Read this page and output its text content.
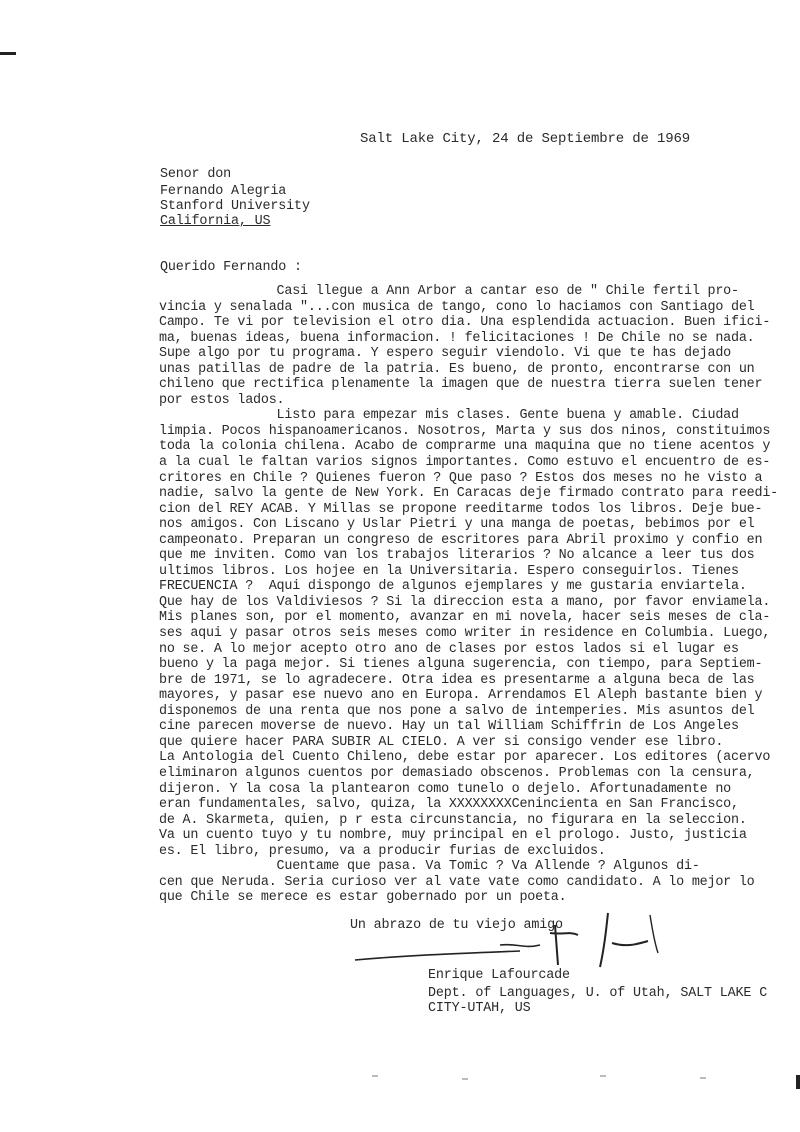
Salt Lake City, 24 de Septiembre de 1969
Senor don
Fernando Alegria
Stanford University
California, US
Querido Fernando :
Casi llegue a Ann Arbor a cantar eso de " Chile fertil pro-
vincia y senalada "...con musica de tango, cono lo haciamos con Santiago del
Campo. Te vi por television el otro dia. Una esplendida actuacion. Buen ifici-
ma, buenas ideas, buena informacion. ! felicitaciones ! De Chile no se nada.
Supe algo por tu programa. Y espero seguir viendolo. Vi que te has dejado
unas patillas de padre de la patria. Es bueno, de pronto, encontrarse con un
chileno que rectifica plenamente la imagen que de nuestra tierra suelen tener
por estos lados.
Listo para empezar mis clases. Gente buena y amable. Ciudad
limpia. Pocos hispanoamericanos. Nosotros, Marta y sus dos ninos, constituimos
toda la colonia chilena. Acabo de comprarme una maquina que no tiene acentos y
a la cual le faltan varios signos importantes. Como estuvo el encuentro de es-
critores en Chile ? Quienes fueron ? Que paso ? Estos dos meses no he visto a
nadie, salvo la gente de New York. En Caracas deje firmado contrato para reedi-
cion del REY ACAB. Y Millas se propone reeditarme todos los libros. Deje bue-
nos amigos. Con Liscano y Uslar Pietri y una manga de poetas, bebimos por el
campeonato. Preparan un congreso de escritores para Abril proximo y confio en
que me inviten. Como van los trabajos literarios ? No alcance a leer tus dos
ultimos libros. Los hojee en la Universitaria. Espero conseguirlos. Tienes
FRECUENCIA ?  Aqui dispongo de algunos ejemplares y me gustaria enviartela.
Que hay de los Valdiviesos ? Si la direccion esta a mano, por favor enviamela.
Mis planes son, por el momento, avanzar en mi novela, hacer seis meses de cla-
ses aqui y pasar otros seis meses como writer in residence en Columbia. Luego,
no se. A lo mejor acepto otro ano de clases por estos lados si el lugar es
bueno y la paga mejor. Si tienes alguna sugerencia, con tiempo, para Septiem-
bre de 1971, se lo agradecere. Otra idea es presentarme a alguna beca de las
mayores, y pasar ese nuevo ano en Europa. Arrendamos El Aleph bastante bien y
disponemos de una renta que nos pone a salvo de intemperies. Mis asuntos del
cine parecen moverse de nuevo. Hay un tal William Schiffrin de Los Angeles
que quiere hacer PARA SUBIR AL CIELO. A ver si consigo vender ese libro.
La Antologia del Cuento Chileno, debe estar por aparecer. Los editores (acervo
eliminaron algunos cuentos por demasiado obscenos. Problemas con la censura,
dijeron. Y la cosa la plantearon como tunelo o dejelo. Afortunadamente no
eran fundamentales, salvo, quiza, la XXXXXXXXCenincienta en San Francisco,
de A. Skarmeta, quien, p r esta circunstancia, no figurara en la seleccion.
Va un cuento tuyo y tu nombre, muy principal en el prologo. Justo, justicia
es. El libro, presumo, va a producir furias de excluidos.
Cuentame que pasa. Va Tomic ? Va Allende ? Algunos di-
cen que Neruda. Seria curioso ver al vate vate como candidato. A lo mejor lo
que Chile se merece es estar gobernado por un poeta.
Un abrazo de tu viejo amigo
Enrique Lafourcade
Dept. of Languages, U. of Utah, SALT LAKE C
CITY-UTAH, US
